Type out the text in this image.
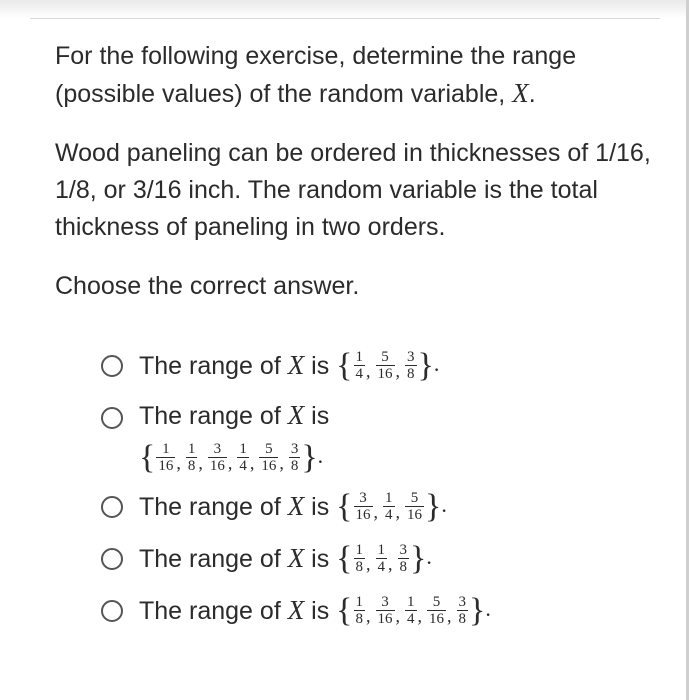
For the following exercise, determine the range (possible values) of the random variable, X.

Wood paneling can be ordered in thicknesses of 1/16, 1/8, or 3/16 inch. The random variable is the total thickness of paneling in two orders.

Choose the correct answer.

The range of X is { $\frac{1}{4} _, \frac{5}{16} _, \frac{3}{8}$ }.
The range of X is
{ $\frac{1}{16} _, \frac{1}{8} _, \frac{3}{16} _, \frac{1}{4} _, \frac{5}{16} _, \frac{3}{8}$ }.
The range of X is { $\frac{3}{16} _, \frac{1}{4} _, \frac{5}{16}$ }.
The range of X is { $\frac{1}{8} _, \frac{1}{4} _, \frac{3}{8}$ }.
The range of X is { $\frac{1}{8} _, \frac{3}{16} _, \frac{1}{4} _, \frac{5}{16} _, \frac{3}{8}$ }.
